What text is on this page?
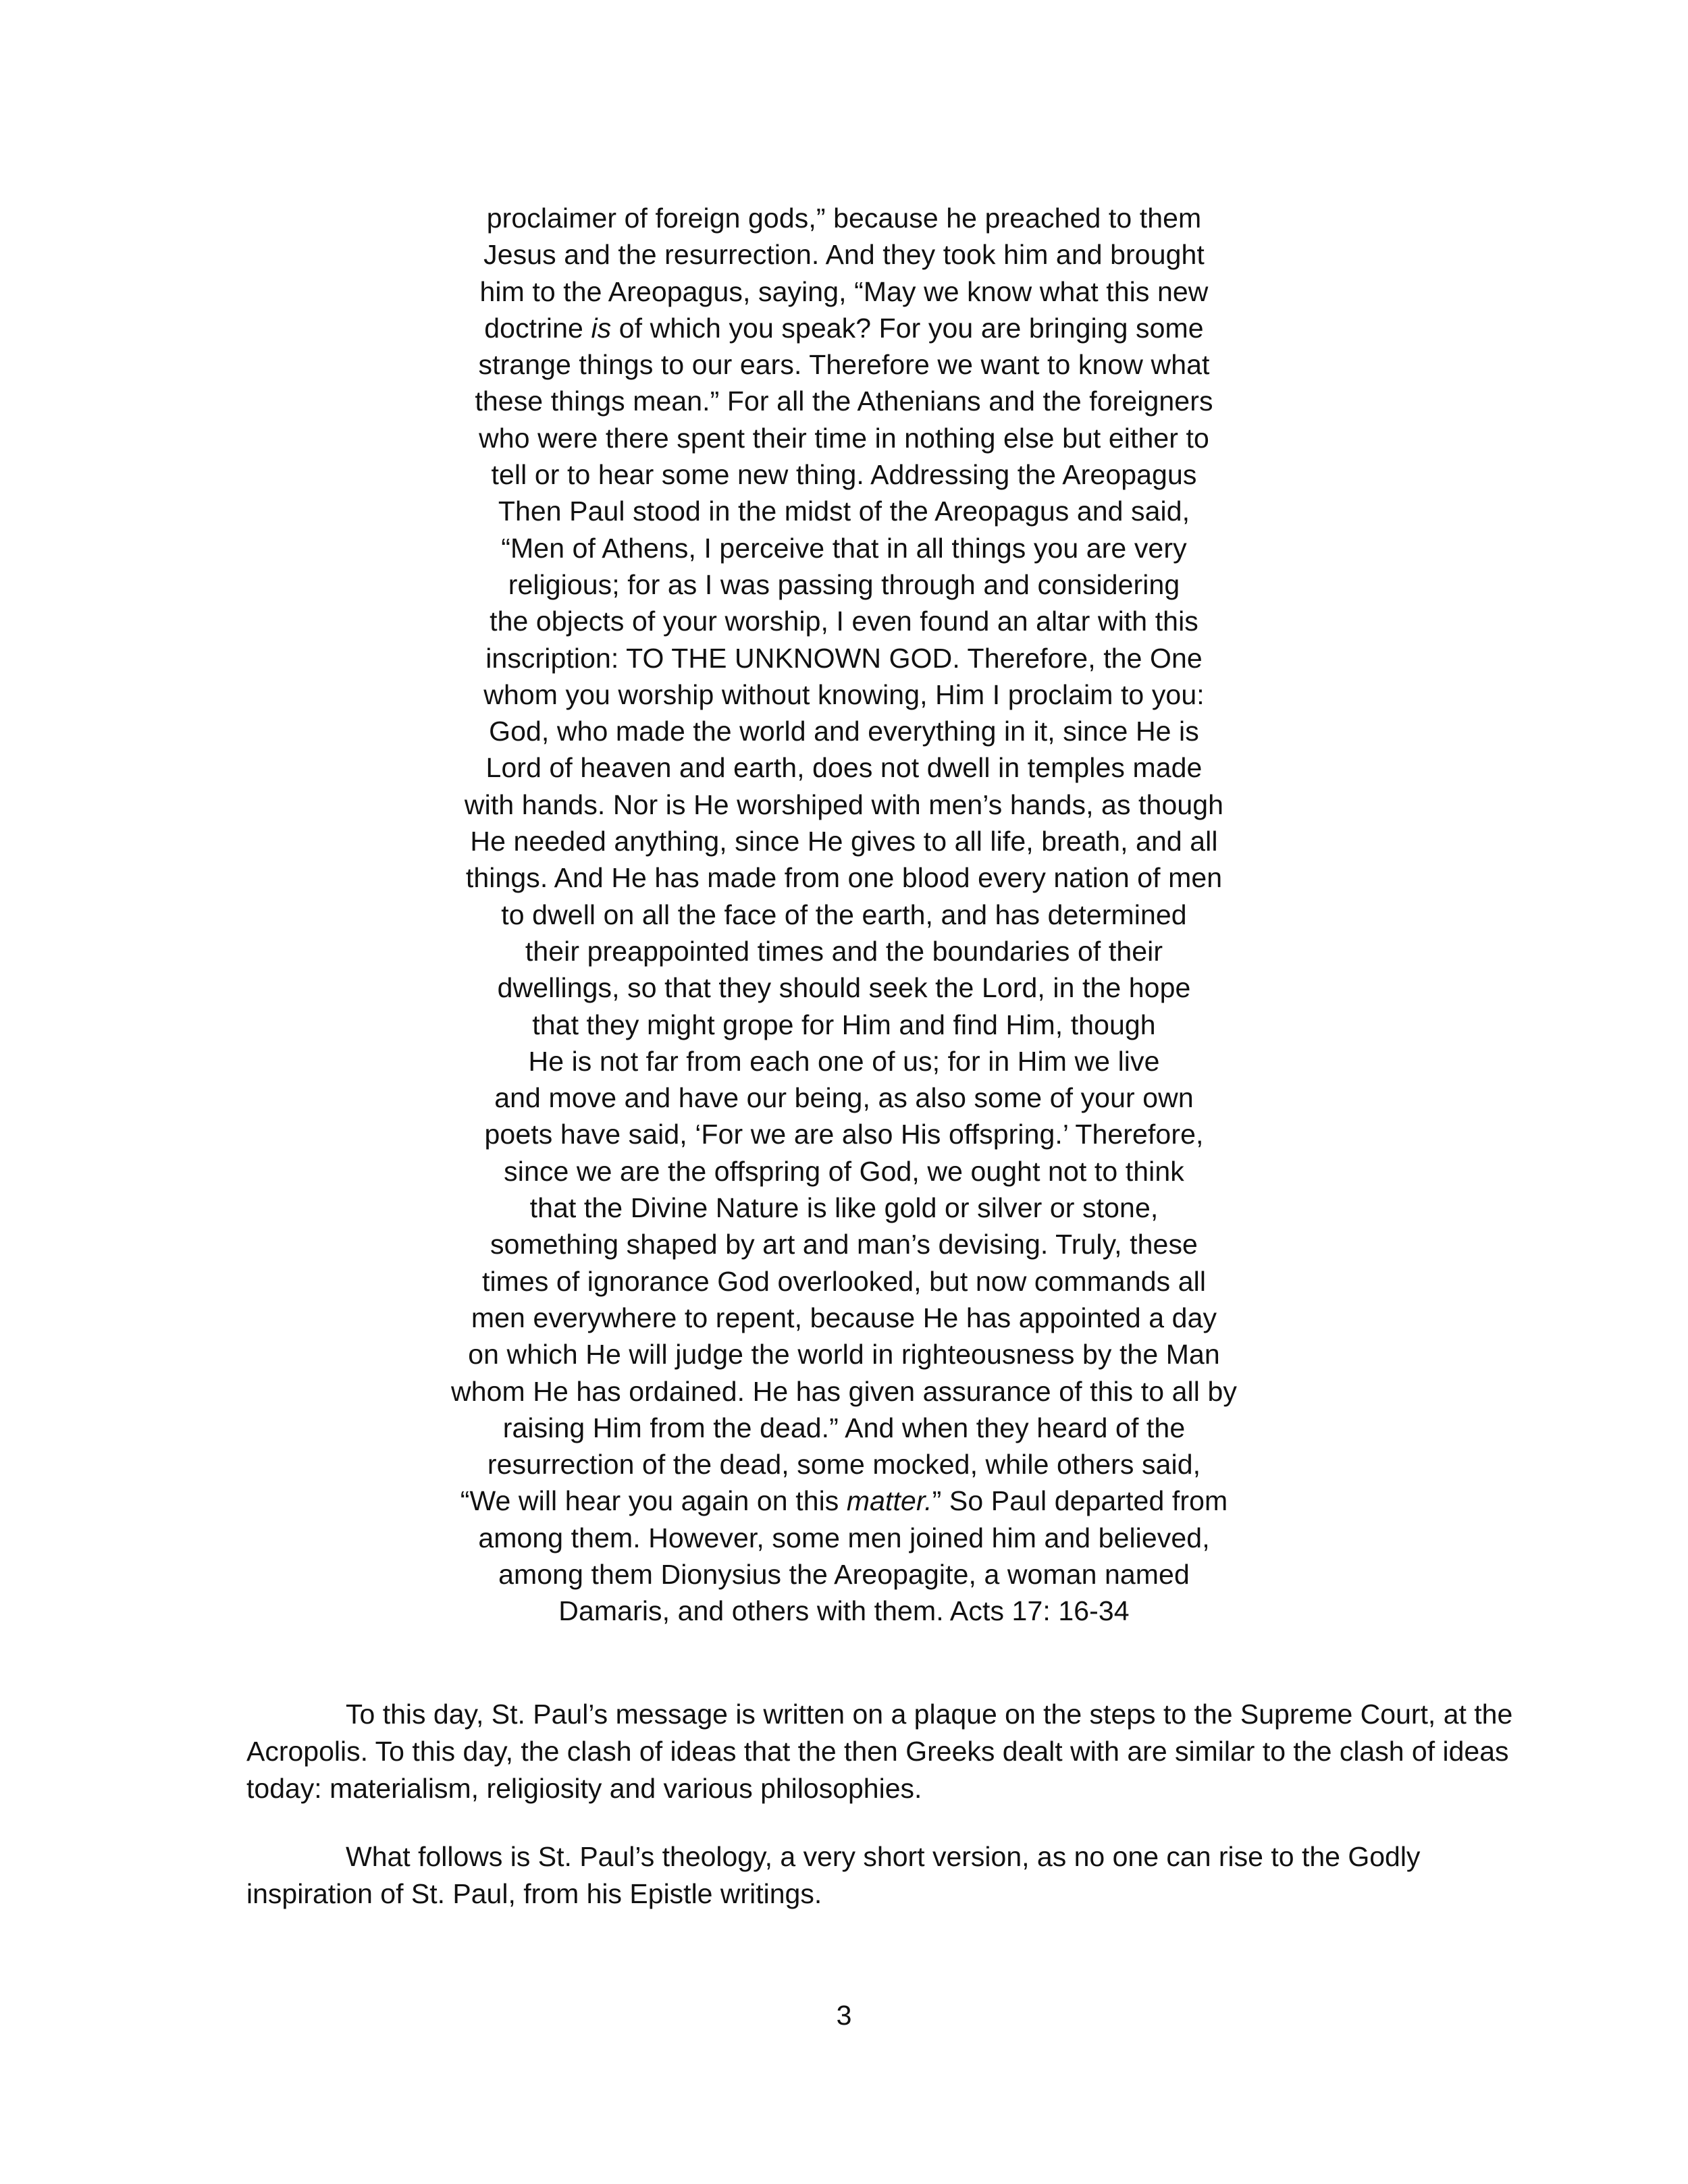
proclaimer of foreign gods,” because he preached to them
Jesus and the resurrection. And they took him and brought
him to the Areopagus, saying, “May we know what this new
doctrine is of which you speak? For you are bringing some
strange things to our ears. Therefore we want to know what
these things mean.” For all the Athenians and the foreigners
who were there spent their time in nothing else but either to
tell or to hear some new thing. Addressing the Areopagus
Then Paul stood in the midst of the Areopagus and said,
“Men of Athens, I perceive that in all things you are very
religious; for as I was passing through and considering
the objects of your worship, I even found an altar with this
inscription: TO THE UNKNOWN GOD. Therefore, the One
whom you worship without knowing, Him I proclaim to you:
God, who made the world and everything in it, since He is
Lord of heaven and earth, does not dwell in temples made
with hands. Nor is He worshiped with men’s hands, as though
He needed anything, since He gives to all life, breath, and all
things. And He has made from one blood every nation of men
to dwell on all the face of the earth, and has determined
their preappointed times and the boundaries of their
dwellings, so that they should seek the Lord, in the hope
that they might grope for Him and find Him, though
He is not far from each one of us; for in Him we live
and move and have our being, as also some of your own
poets have said, ‘For we are also His offspring.’ Therefore,
since we are the offspring of God, we ought not to think
that the Divine Nature is like gold or silver or stone,
something shaped by art and man’s devising. Truly, these
times of ignorance God overlooked, but now commands all
men everywhere to repent, because He has appointed a day
on which He will judge the world in righteousness by the Man
whom He has ordained. He has given assurance of this to all by
raising Him from the dead.” And when they heard of the
resurrection of the dead, some mocked, while others said,
“We will hear you again on this matter.” So Paul departed from
among them. However, some men joined him and believed,
among them Dionysius the Areopagite, a woman named
Damaris, and others with them. Acts 17: 16-34
To this day, St. Paul’s message is written on a plaque on the steps to the Supreme Court, at the
Acropolis. To this day, the clash of ideas that the then Greeks dealt with are similar to the clash of ideas
today: materialism, religiosity and various philosophies.
What follows is St. Paul’s theology, a very short version, as no one can rise to the Godly
inspiration of St. Paul, from his Epistle writings.
3
